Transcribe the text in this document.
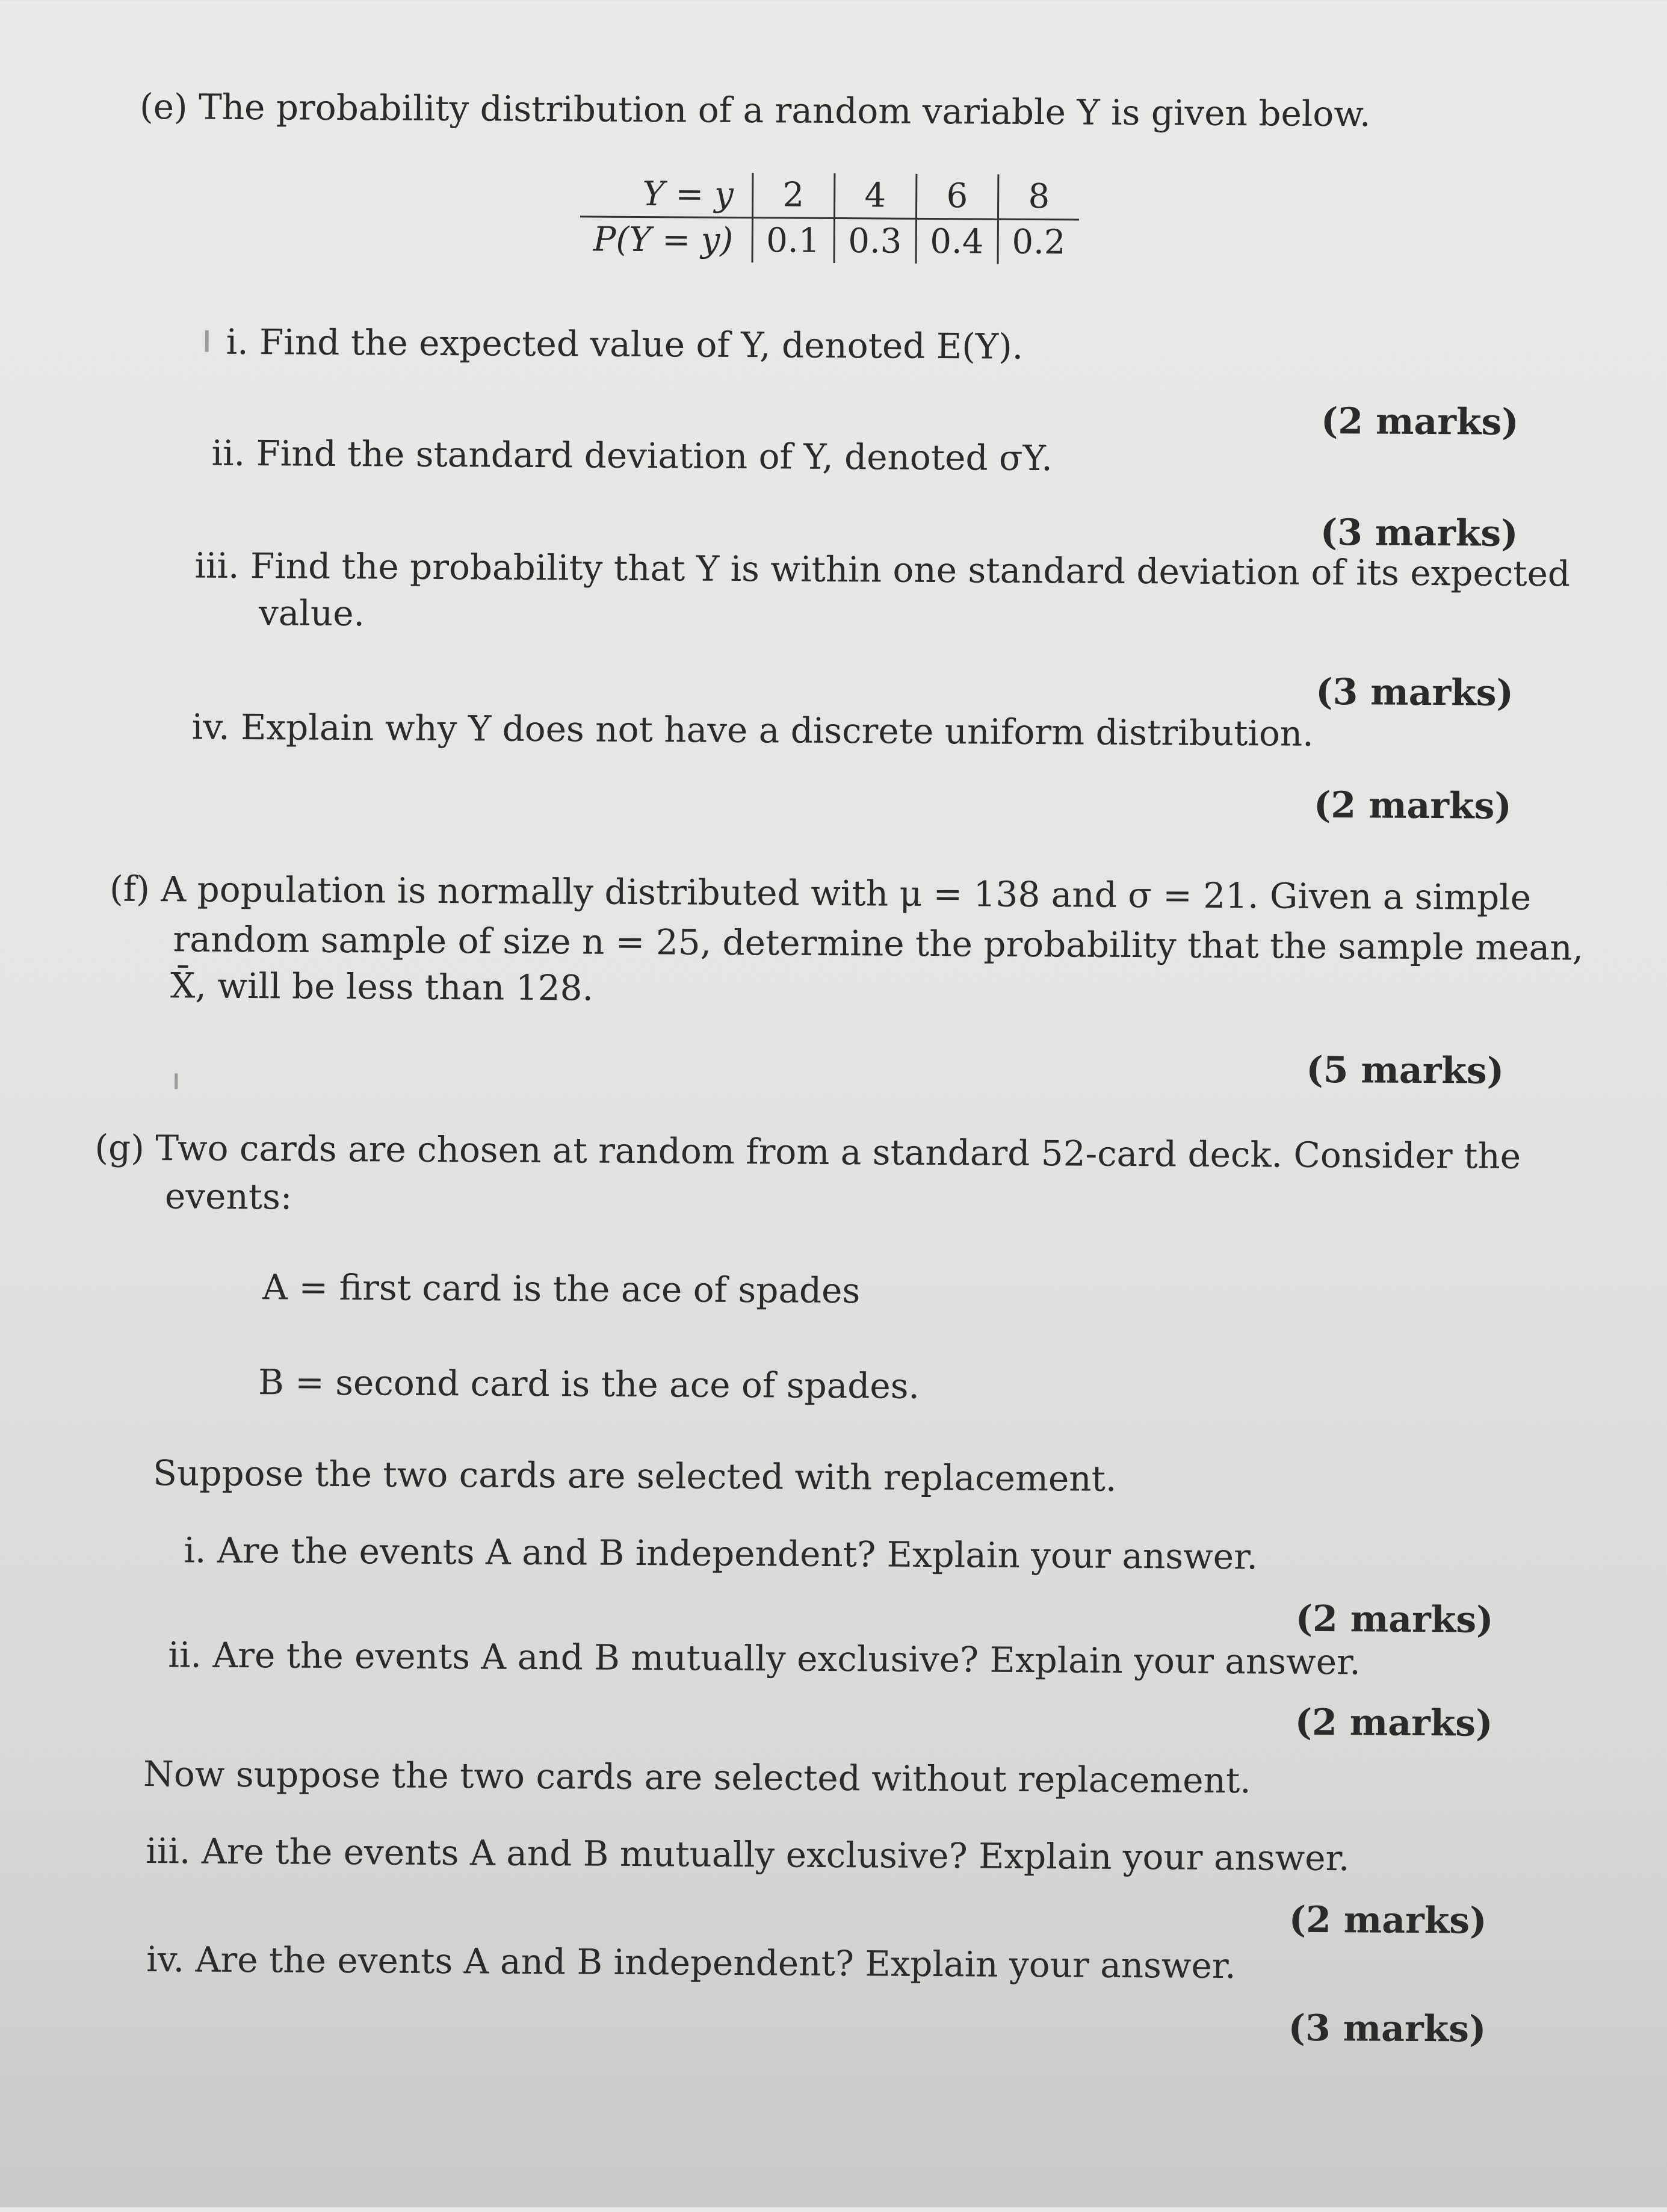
(e) The probability distribution of a random variable Y is given below.
Y = y	2	4	6	8
P(Y = y)	0.1	0.3	0.4	0.2
i. Find the expected value of Y, denoted E(Y).
(2 marks)
ii. Find the standard deviation of Y, denoted σY.
(3 marks)
iii. Find the probability that Y is within one standard deviation of its expected
value.
(3 marks)
iv. Explain why Y does not have a discrete uniform distribution.
(2 marks)
(f) A population is normally distributed with μ = 138 and σ = 21. Given a simple
random sample of size n = 25, determine the probability that the sample mean,
X̄, will be less than 128.
(5 marks)
(g) Two cards are chosen at random from a standard 52-card deck. Consider the
events:
A = first card is the ace of spades
B = second card is the ace of spades.
Suppose the two cards are selected with replacement.
i. Are the events A and B independent? Explain your answer.
(2 marks)
ii. Are the events A and B mutually exclusive? Explain your answer.
(2 marks)
Now suppose the two cards are selected without replacement.
iii. Are the events A and B mutually exclusive? Explain your answer.
(2 marks)
iv. Are the events A and B independent? Explain your answer.
(3 marks)
